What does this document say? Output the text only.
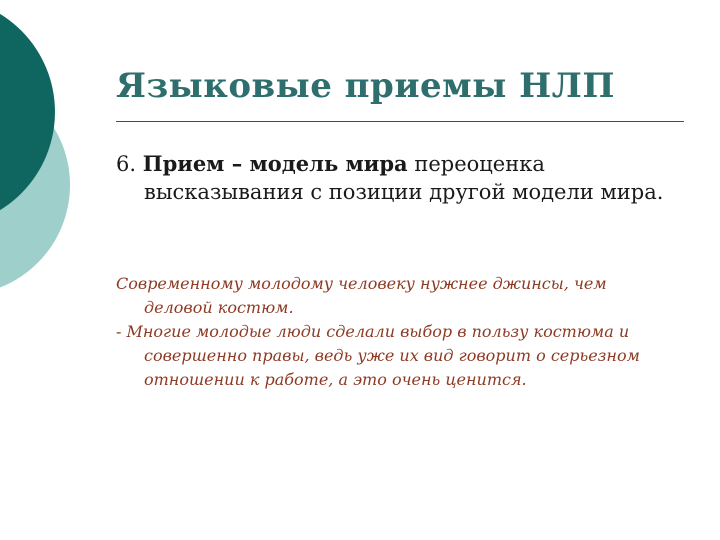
Языковые приемы НЛП

6. Прием – модель мира переоценка высказывания с позиции другой модели мира.

Современному молодому человеку нужнее джинсы, чем деловой костюм.

- Многие молодые люди сделали выбор в пользу костюма и совершенно правы, ведь уже их вид говорит о серьезном отношении к работе, а это очень ценится.
